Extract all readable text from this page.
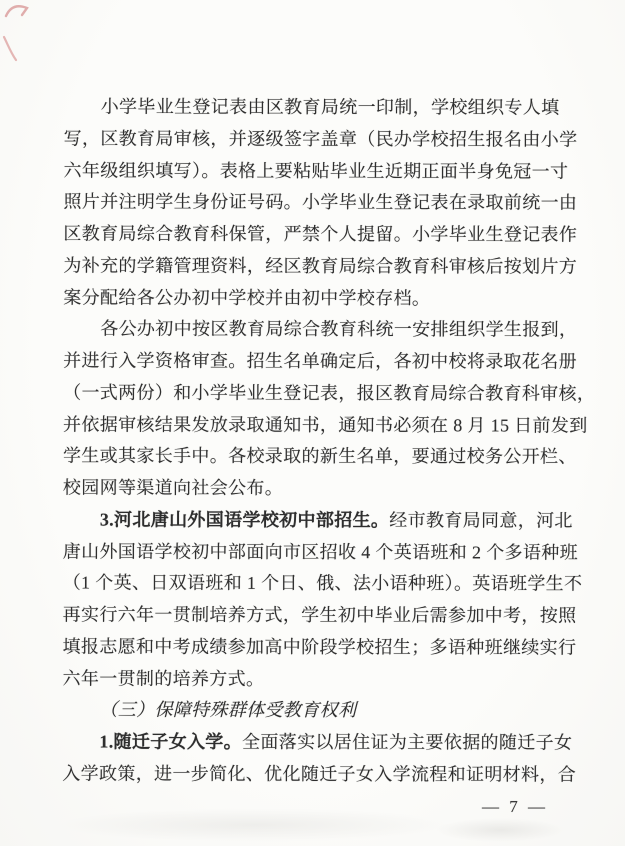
小学毕业生登记表由区教育局统一印制，学校组织专人填
写，区教育局审核，并逐级签字盖章（民办学校招生报名由小学
六年级组织填写）。表格上要粘贴毕业生近期正面半身免冠一寸
照片并注明学生身份证号码。小学毕业生登记表在录取前统一由
区教育局综合教育科保管，严禁个人提留。小学毕业生登记表作
为补充的学籍管理资料，经区教育局综合教育科审核后按划片方
案分配给各公办初中学校并由初中学校存档。
各公办初中按区教育局综合教育科统一安排组织学生报到，
并进行入学资格审查。招生名单确定后，各初中校将录取花名册
（一式两份）和小学毕业生登记表，报区教育局综合教育科审核，
并依据审核结果发放录取通知书，通知书必须在 8 月 15 日前发到
学生或其家长手中。各校录取的新生名单，要通过校务公开栏、
校园网等渠道向社会公布。
3.河北唐山外国语学校初中部招生。经市教育局同意，河北
唐山外国语学校初中部面向市区招收 4 个英语班和 2 个多语种班
（1 个英、日双语班和 1 个日、俄、法小语种班）。英语班学生不
再实行六年一贯制培养方式，学生初中毕业后需参加中考，按照
填报志愿和中考成绩参加高中阶段学校招生；多语种班继续实行
六年一贯制的培养方式。
（三）保障特殊群体受教育权利
1.随迁子女入学。全面落实以居住证为主要依据的随迁子女
入学政策，进一步简化、优化随迁子女入学流程和证明材料，合
— 7 —
